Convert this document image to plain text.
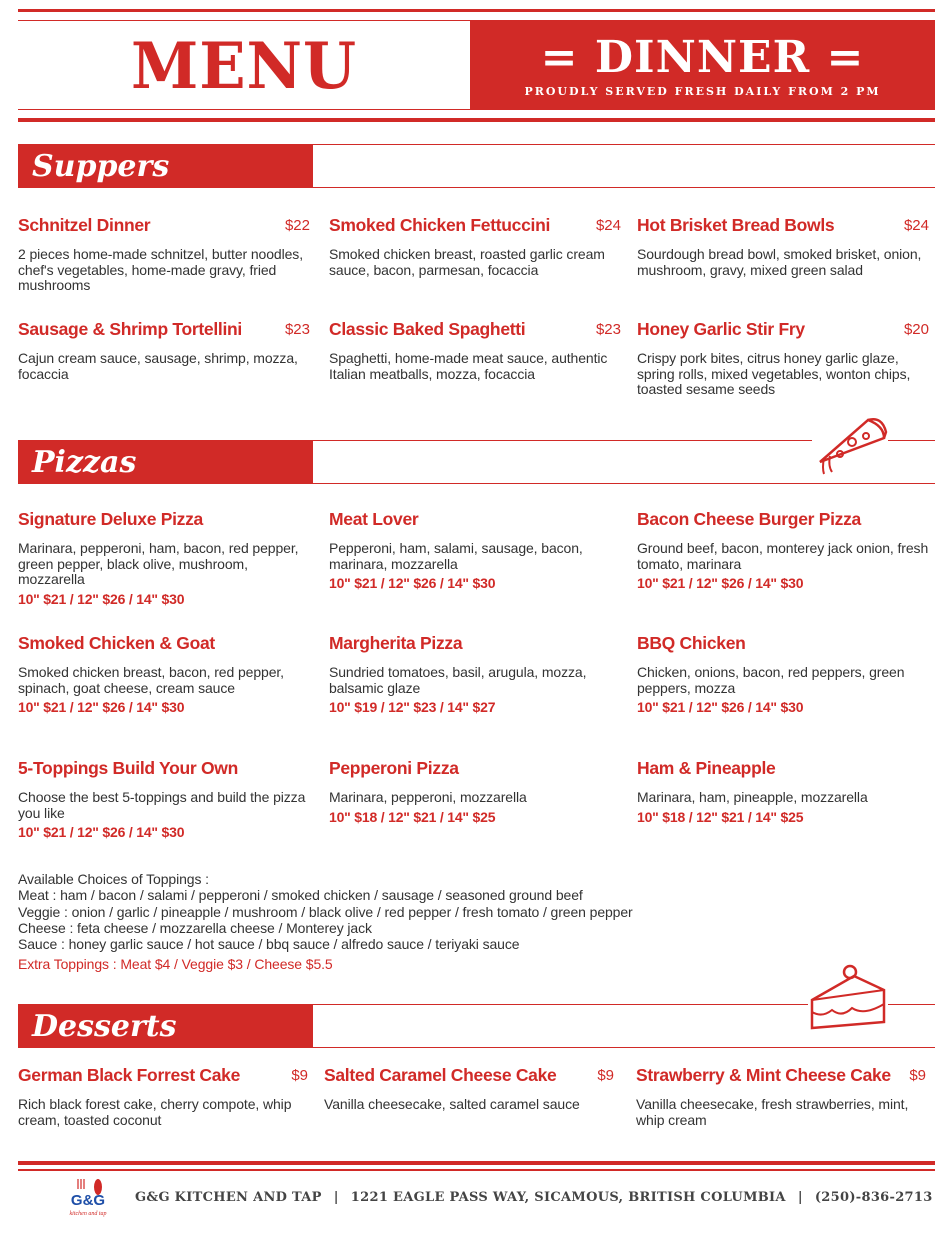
MENU	= DINNER =
PROUDLY SERVED FRESH DAILY FROM 2 PM
Suppers
Schnitzel Dinner	$22
2 pieces home-made schnitzel, butter noodles, chef's vegetables, home-made gravy, fried mushrooms
Smoked Chicken Fettuccini	$24
Smoked chicken breast, roasted garlic cream sauce, bacon, parmesan, focaccia
Hot Brisket Bread Bowls	$24
Sourdough bread bowl, smoked brisket, onion, mushroom, gravy, mixed green salad
Sausage & Shrimp Tortellini	$23
Cajun cream sauce, sausage, shrimp, mozza, focaccia
Classic Baked Spaghetti	$23
Spaghetti, home-made meat sauce, authentic Italian meatballs, mozza, focaccia
Honey Garlic Stir Fry	$20
Crispy pork bites, citrus honey garlic glaze, spring rolls, mixed vegetables, wonton chips, toasted sesame seeds
Pizzas
Signature Deluxe Pizza
Marinara, pepperoni, ham, bacon, red pepper, green pepper, black olive, mushroom, mozzarella
10" $21 / 12" $26 / 14" $30
Meat Lover
Pepperoni, ham, salami, sausage, bacon, marinara, mozzarella
10" $21 / 12" $26 / 14" $30
Bacon Cheese Burger Pizza
Ground beef, bacon, monterey jack onion, fresh tomato, marinara
10" $21 / 12" $26 / 14" $30
Smoked Chicken & Goat
Smoked chicken breast, bacon, red pepper, spinach, goat cheese, cream sauce
10" $21 / 12" $26 / 14" $30
Margherita Pizza
Sundried tomatoes, basil, arugula, mozza, balsamic glaze
10" $19 / 12" $23 / 14" $27
BBQ Chicken
Chicken, onions, bacon, red peppers, green peppers, mozza
10" $21 / 12" $26 / 14" $30
5-Toppings Build Your Own
Choose the best 5-toppings and build the pizza you like
10" $21 / 12" $26 / 14" $30
Pepperoni Pizza
Marinara, pepperoni, mozzarella
10" $18 / 12" $21 / 14" $25
Ham & Pineapple
Marinara, ham, pineapple, mozzarella
10" $18 / 12" $21 / 14" $25
Available Choices of Toppings :
Meat : ham / bacon / salami / pepperoni / smoked chicken / sausage / seasoned ground beef
Veggie : onion / garlic / pineapple / mushroom / black olive / red pepper / fresh tomato / green pepper
Cheese : feta cheese / mozzarella cheese / Monterey jack
Sauce : honey garlic sauce / hot sauce / bbq sauce / alfredo sauce / teriyaki sauce
Extra Toppings : Meat $4 / Veggie $3 / Cheese $5.5
Desserts
German Black Forrest Cake	$9
Rich black forest cake, cherry compote, whip cream, toasted coconut
Salted Caramel Cheese Cake	$9
Vanilla cheesecake, salted caramel sauce
Strawberry & Mint Cheese Cake	$9
Vanilla cheesecake, fresh strawberries, mint, whip cream
G&G
kitchen and tap
G&G KITCHEN AND TAP | 1221 EAGLE PASS WAY, SICAMOUS, BRITISH COLUMBIA | (250)-836-2713
